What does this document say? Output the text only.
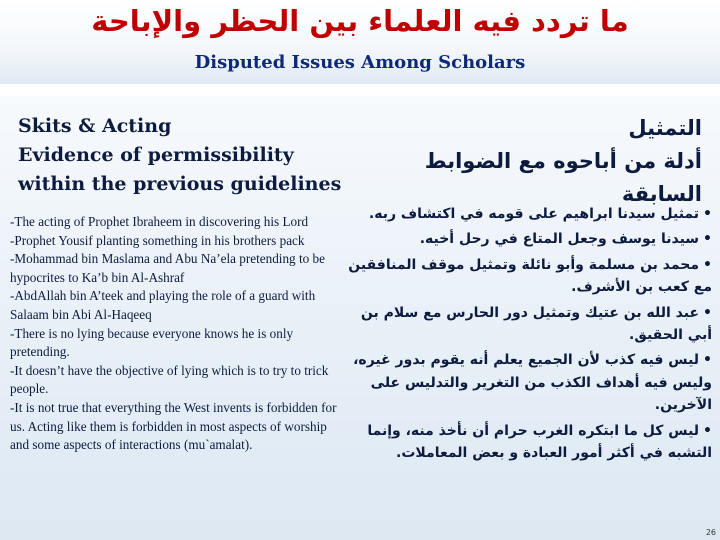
ما تردد فيه العلماء بين الحظر والإباحة
Disputed Issues Among Scholars
Skits & Acting
Evidence of permissibility within the previous guidelines
التمثيل
أدلة من أباحوه مع الضوابط السابقة

-The acting of Prophet Ibraheem in discovering his Lord

-Prophet Yousif planting something in his brothers pack

-Mohammad bin Maslama and Abu Na’ela pretending to be hypocrites to Ka’b bin Al-Ashraf

-AbdAllah bin A’teek and playing the role of a guard with Salaam bin Abi Al-Haqeeq

-There is no lying because everyone knows he is only pretending.

-It doesn’t have the objective of lying which is to try to trick people.

-It is not true that everything the West invents is forbidden for us. Acting like them is forbidden in most aspects of worship and some aspects of interactions (mu`amalat).

•تمثيل سيدنا ابراهيم على قومه في اكتشاف ربه.
•سيدنا يوسف وجعل المتاع في رحل أخيه.
•محمد بن مسلمة وأبو نائلة وتمثيل موقف المنافقين مع كعب بن الأشرف.
•عبد الله بن عتيك وتمثيل دور الحارس مع سلام بن أبي الحقيق.
•ليس فيه كذب لأن الجميع يعلم أنه يقوم بدور غيره، وليس فيه أهداف الكذب من التغرير والتدليس على الآخرين.
•ليس كل ما ابتكره الغرب حرام أن نأخذ منه، وإنما التشبه في أكثر أمور العبادة و بعض المعاملات.
26
